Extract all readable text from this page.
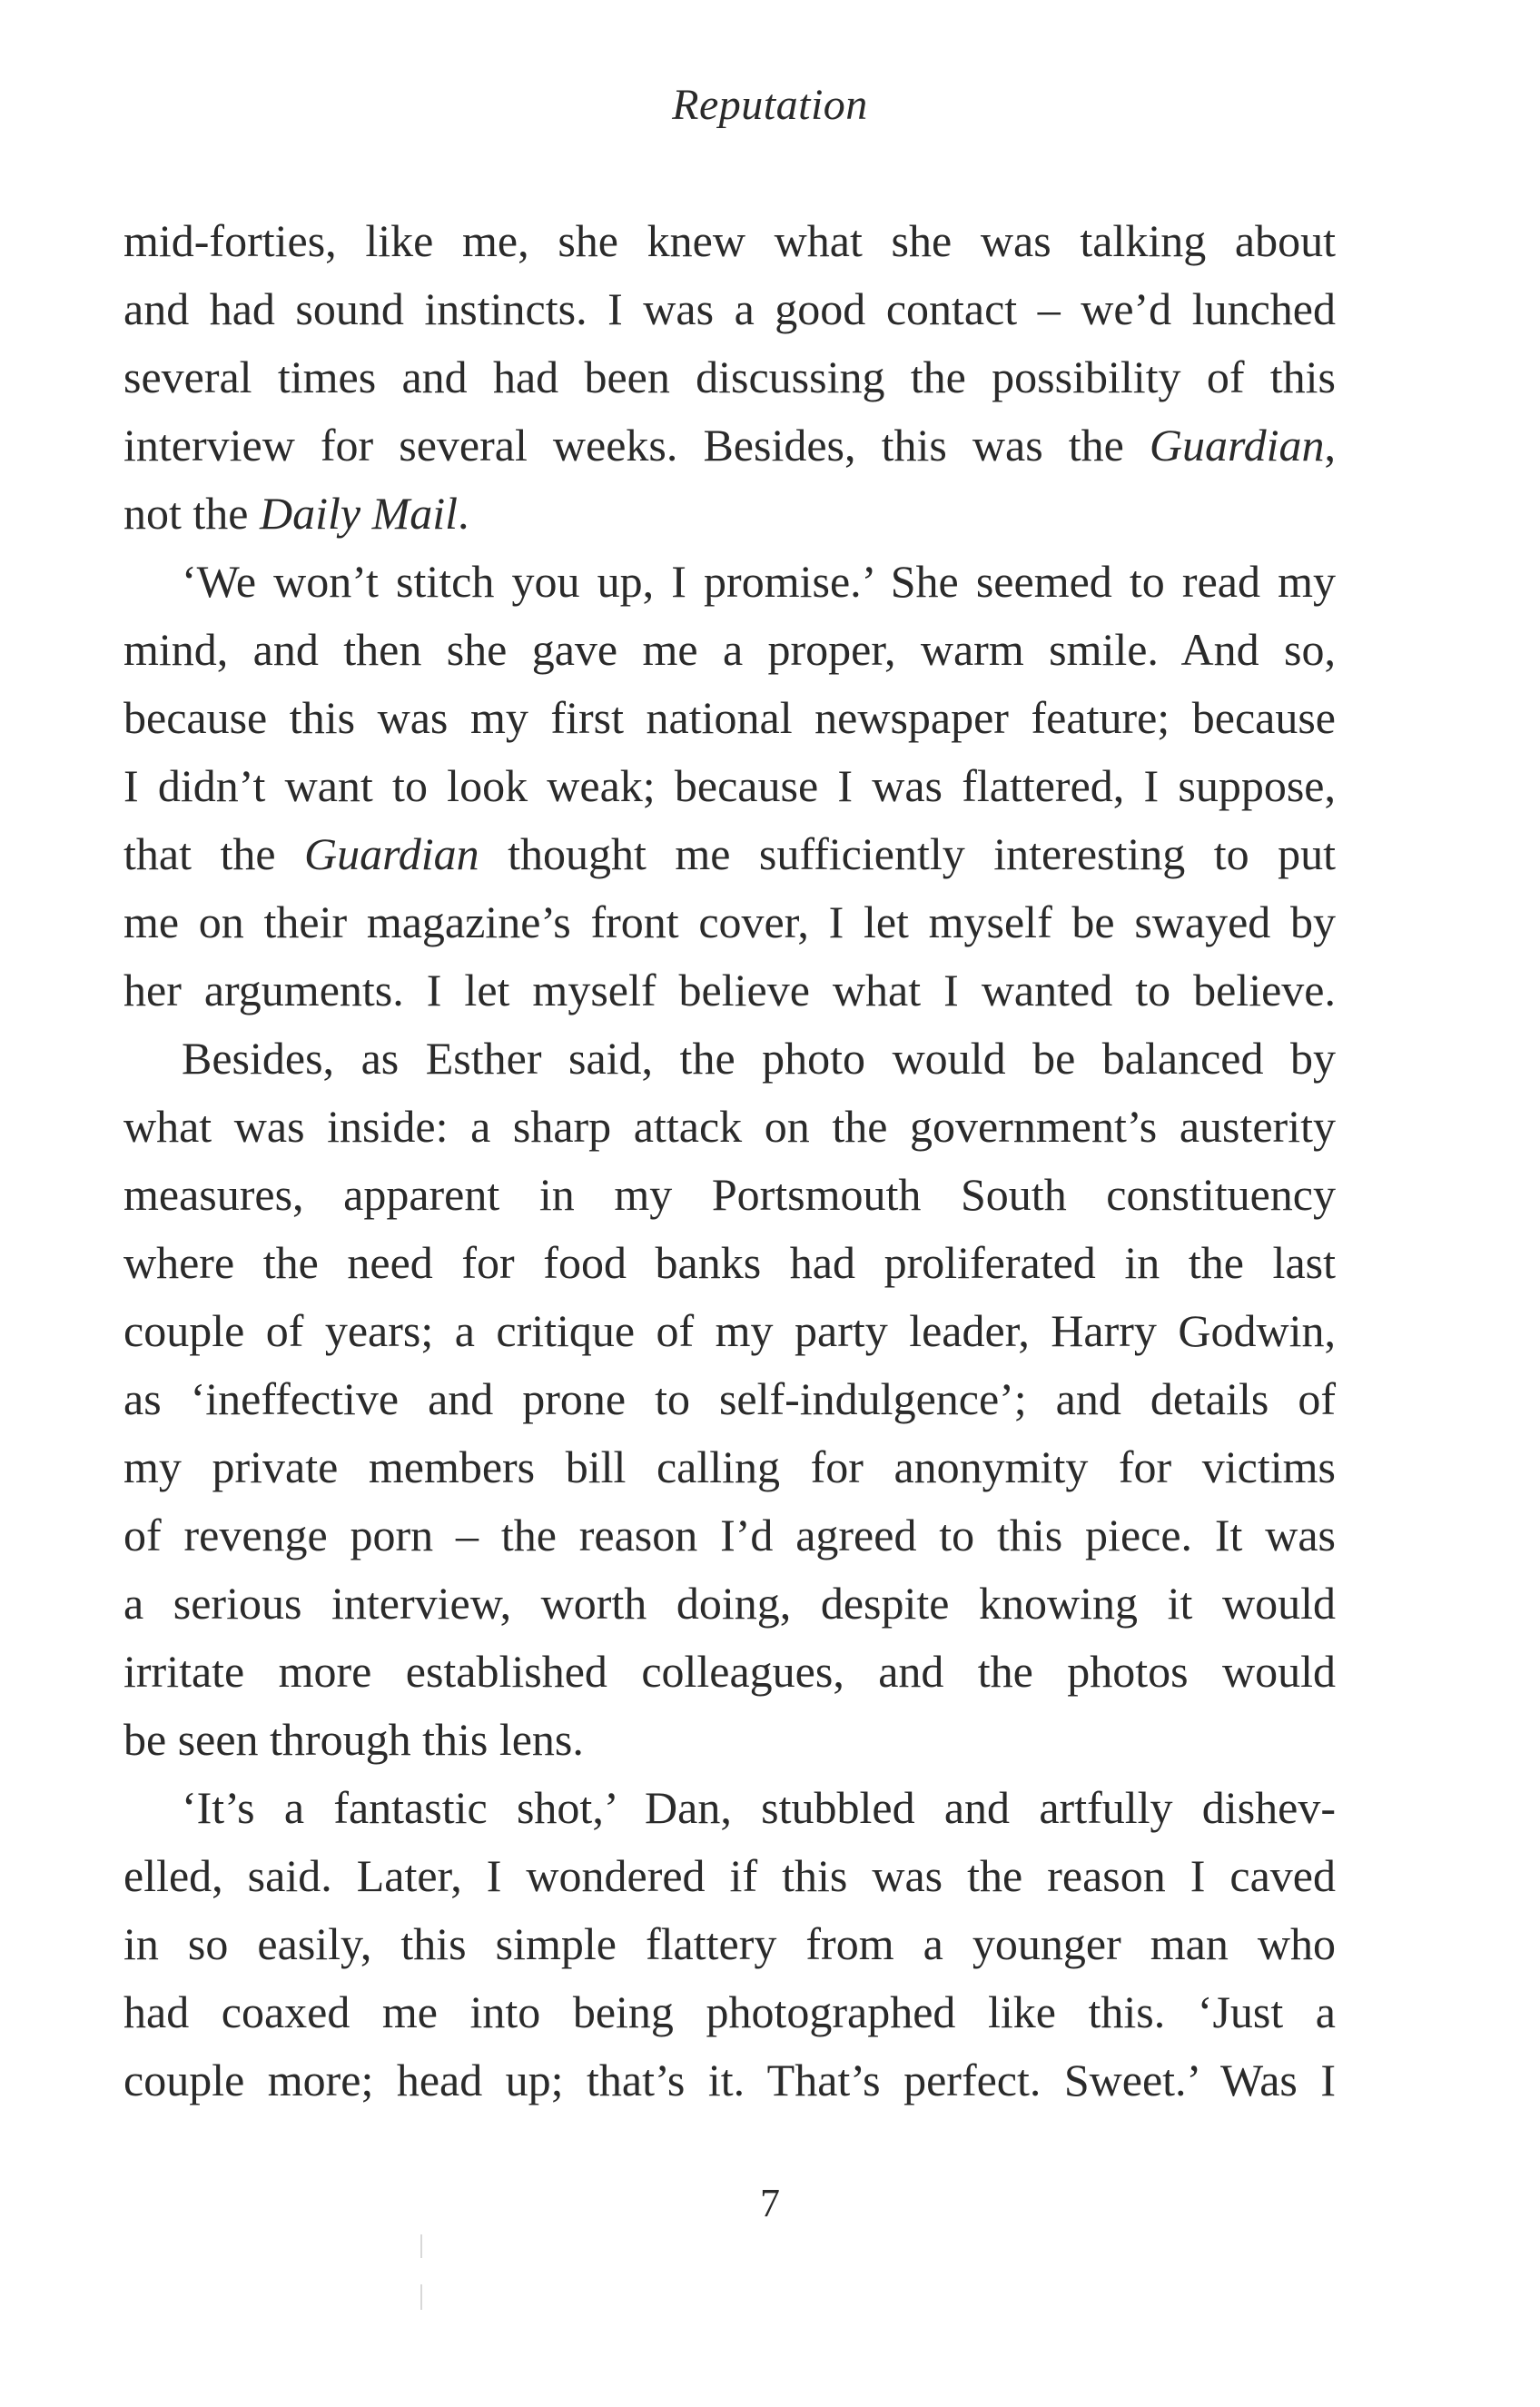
Reputation
mid-forties, like me, she knew what she was talking about
and had sound instincts. I was a good contact – we’d lunched
several times and had been discussing the possibility of this
interview for several weeks. Besides, this was the Guardian,
not the Daily Mail.
‘We won’t stitch you up, I promise.’ She seemed to read my
mind, and then she gave me a proper, warm smile. And so,
because this was my first national newspaper feature; because
I didn’t want to look weak; because I was flattered, I suppose,
that the Guardian thought me sufficiently interesting to put
me on their magazine’s front cover, I let myself be swayed by
her arguments. I let myself believe what I wanted to believe.
Besides, as Esther said, the photo would be balanced by
what was inside: a sharp attack on the government’s austerity
measures, apparent in my Portsmouth South constituency
where the need for food banks had proliferated in the last
couple of years; a critique of my party leader, Harry Godwin,
as ‘ineffective and prone to self-indulgence’; and details of
my private members bill calling for anonymity for victims
of revenge porn – the reason I’d agreed to this piece. It was
a serious interview, worth doing, despite knowing it would
irritate more established colleagues, and the photos would
be seen through this lens.
‘It’s a fantastic shot,’ Dan, stubbled and artfully dishev-
elled, said. Later, I wondered if this was the reason I caved
in so easily, this simple flattery from a younger man who
had coaxed me into being photographed like this. ‘Just a
couple more; head up; that’s it. That’s perfect. Sweet.’ Was I
7
